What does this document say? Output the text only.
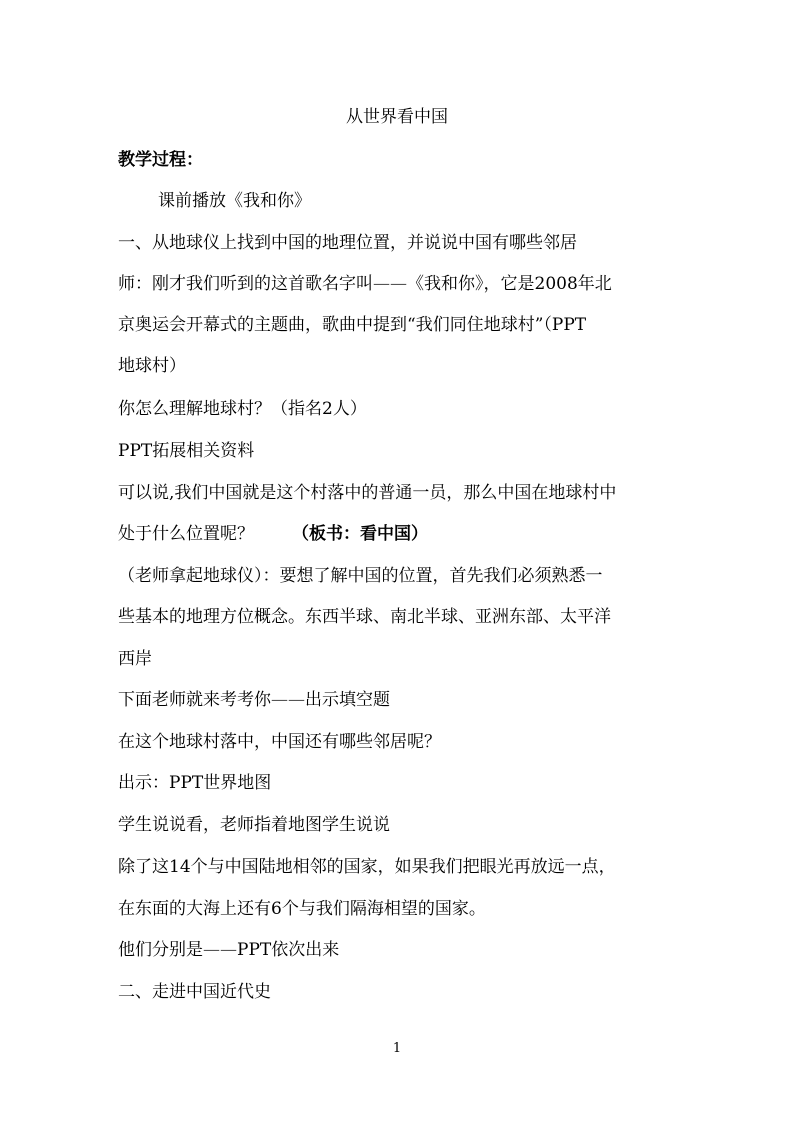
从世界看中国
教学过程：
课前播放《我和你》
一、从地球仪上找到中国的地理位置，并说说中国有哪些邻居
师：刚才我们听到的这首歌名字叫——《我和你》，它是2008年北
京奥运会开幕式的主题曲，歌曲中提到“我们同住地球村”（PPT
地球村）
你怎么理解地球村？（指名2人）
PPT拓展相关资料
可以说,我们中国就是这个村落中的普通一员，那么中国在地球村中
处于什么位置呢？ （板书：看中国）
（老师拿起地球仪）：要想了解中国的位置，首先我们必须熟悉一
些基本的地理方位概念。东西半球、南北半球、亚洲东部、太平洋
西岸
下面老师就来考考你——出示填空题
在这个地球村落中，中国还有哪些邻居呢？
出示：PPT世界地图
学生说说看，老师指着地图学生说说
除了这14个与中国陆地相邻的国家，如果我们把眼光再放远一点，
在东面的大海上还有6个与我们隔海相望的国家。
他们分别是——PPT依次出来
二、走进中国近代史
1
